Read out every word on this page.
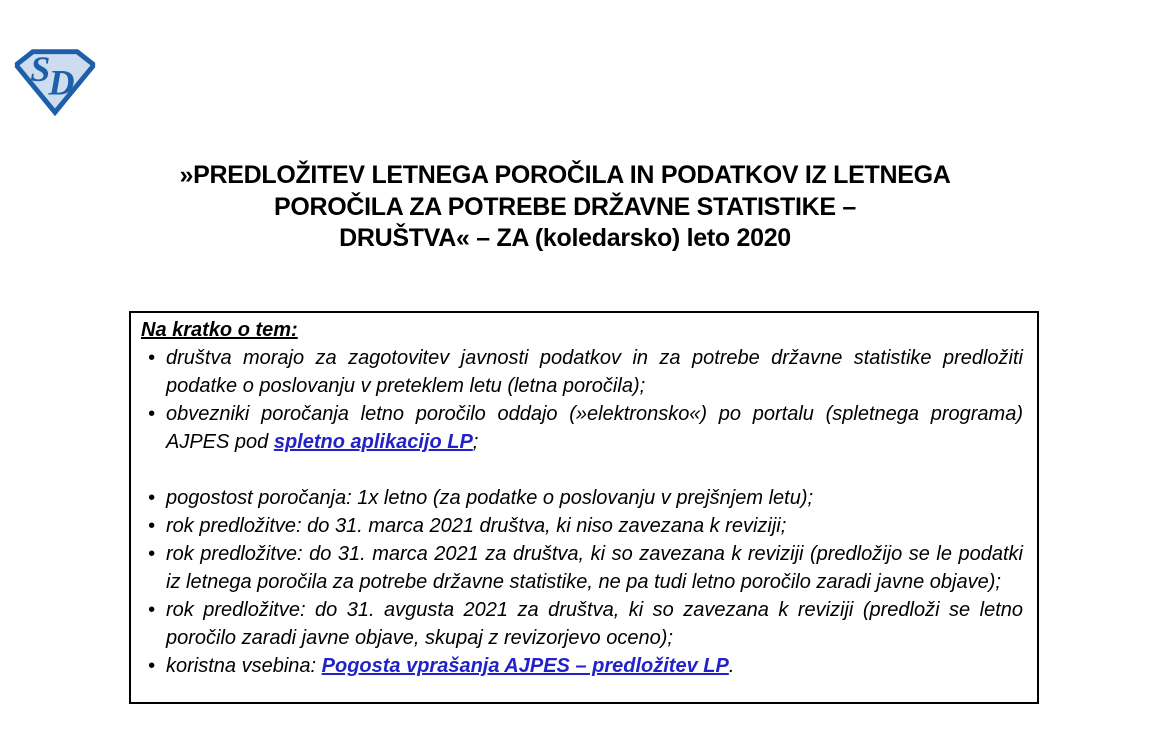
S
D
»PREDLOŽITEV LETNEGA POROČILA IN PODATKOV IZ LETNEGA
POROČILA ZA POTREBE DRŽAVNE STATISTIKE –
DRUŠTVA« – ZA (koledarsko) leto 2020
Na kratko o tem:
• društva morajo za zagotovitev javnosti podatkov in za potrebe državne statistike predložiti podatke o poslovanju v preteklem letu (letna poročila);
• obvezniki poročanja letno poročilo oddajo (»elektronsko«) po portalu (spletnega programa) AJPES pod spletno aplikacijo LP;
• pogostost poročanja: 1x letno (za podatke o poslovanju v prejšnjem letu);
• rok predložitve: do 31. marca 2021 društva, ki niso zavezana k reviziji;
• rok predložitve: do 31. marca 2021 za društva, ki so zavezana k reviziji (predložijo se le podatki iz letnega poročila za potrebe državne statistike, ne pa tudi letno poročilo zaradi javne objave);
• rok predložitve: do 31. avgusta 2021 za društva, ki so zavezana k reviziji (predloži se letno poročilo zaradi javne objave, skupaj z revizorjevo oceno);
• koristna vsebina: Pogosta vprašanja AJPES – predložitev LP.
